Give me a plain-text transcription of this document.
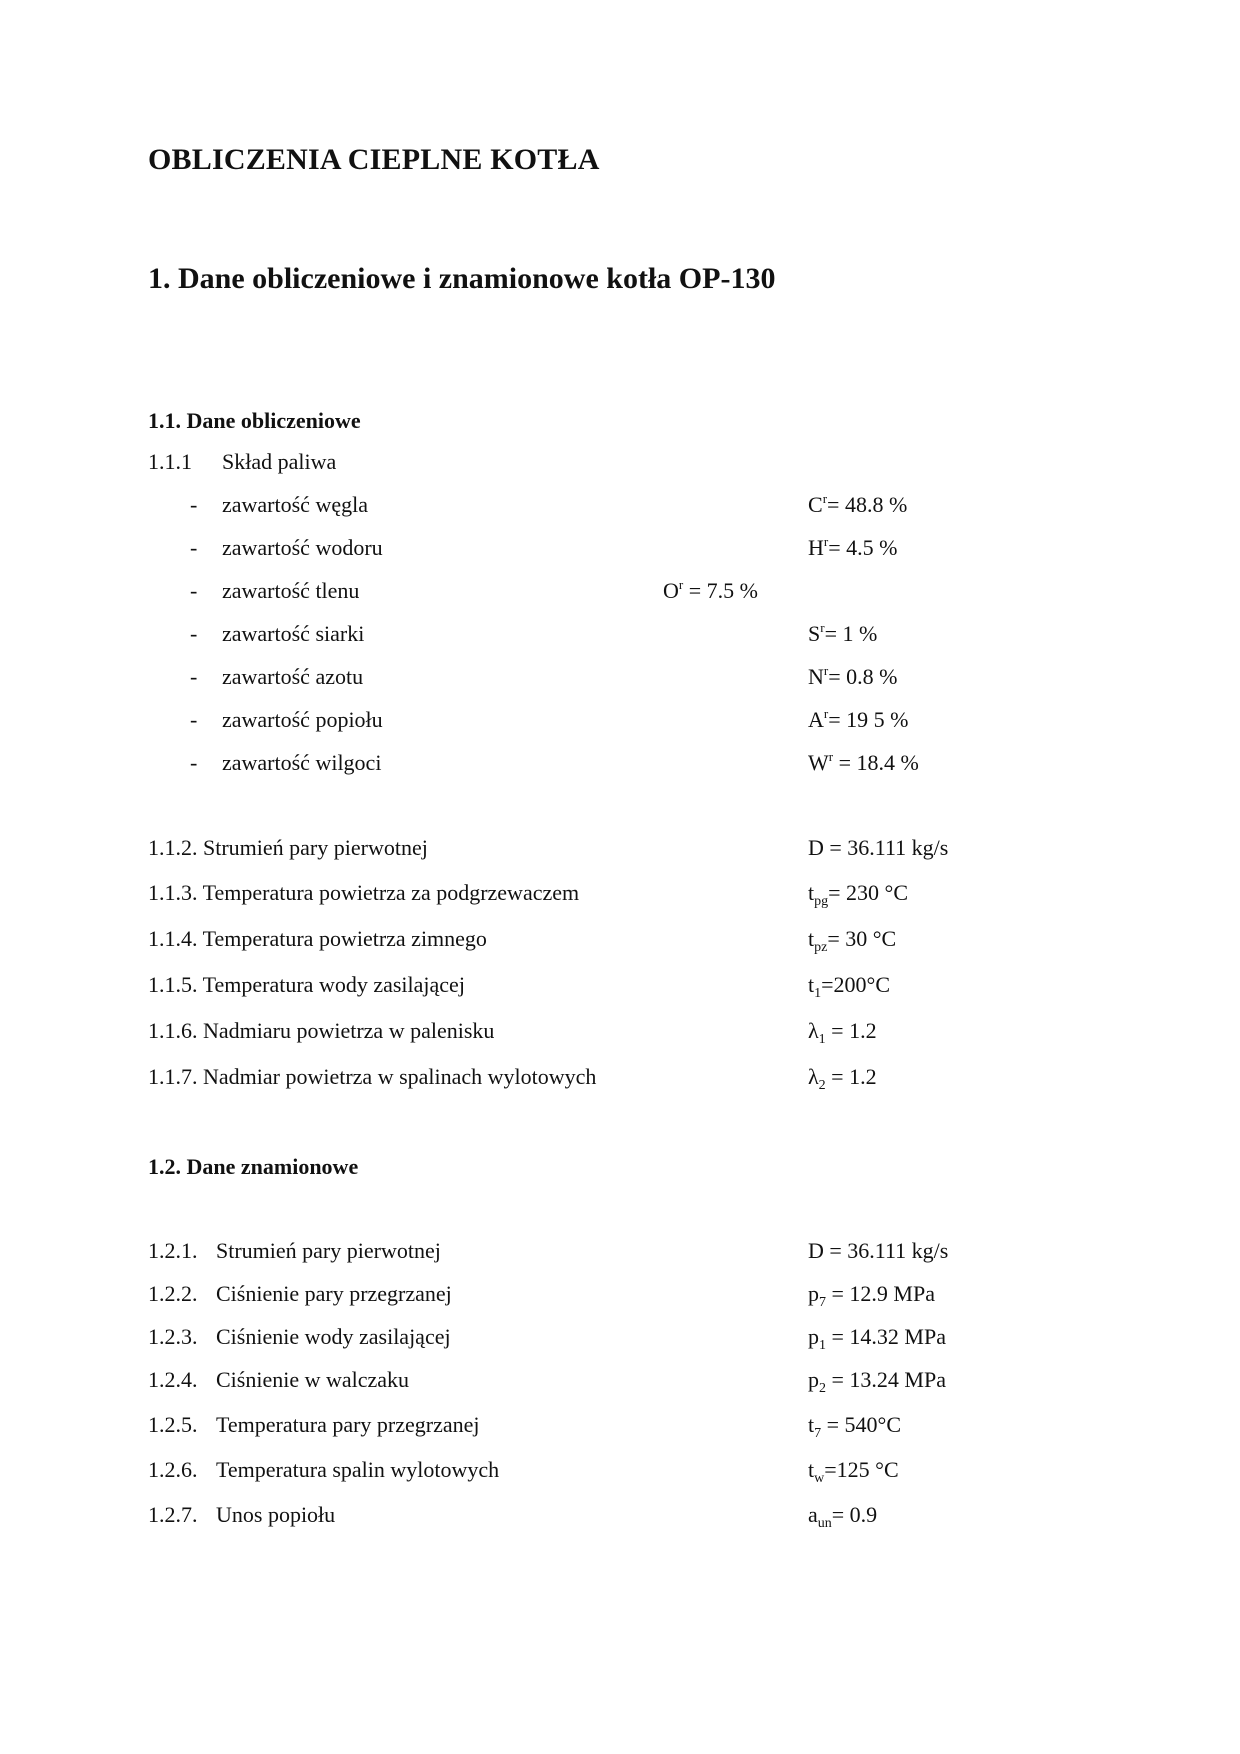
OBLICZENIA CIEPLNE KOTŁA
1. Dane obliczeniowe i znamionowe kotła OP-130
1.1. Dane obliczeniowe
1.1.1 Skład paliwa
- zawartość węgla	$C^r= 48.8$ %
- zawartość wodoru	$H^r= 4.5$ %
- zawartość tlenu	$O^r = 7.5$ %
- zawartość siarki	$S^r= 1$ %
- zawartość azotu	$N^r= 0.8$ %
- zawartość popiołu	$A^r= 19$ 5 %
- zawartość wilgoci	$W^r = 18.4$ %
1.1.2. Strumień pary pierwotnej	D = 36.111 kg/s
1.1.3. Temperatura powietrza za podgrzewaczem	$t_{pg}= 230$ °C
1.1.4. Temperatura powietrza zimnego	$t_{pz}= 30$ °C
1.1.5. Temperatura wody zasilającej	$t_1=200^\circ C$
1.1.6. Nadmiaru powietrza w palenisku	$\lambda_1 = 1.2$
1.1.7. Nadmiar powietrza w spalinach wylotowych	$\lambda_2 = 1.2$
1.2. Dane znamionowe
1.2.1. Strumień pary pierwotnej	D = 36.111 kg/s
1.2.2. Ciśnienie pary przegrzanej	$p_7 = 12.9$ MPa
1.2.3. Ciśnienie wody zasilającej	$p_1 = 14.32$ MPa
1.2.4. Ciśnienie w walczaku	$p_2 = 13.24$ MPa
1.2.5. Temperatura pary przegrzanej	$t_7 = 540^\circ C$
1.2.6. Temperatura spalin wylotowych	$t_w=125$ °C
1.2.7. Unos popiołu	$a_{un}= 0.9$
